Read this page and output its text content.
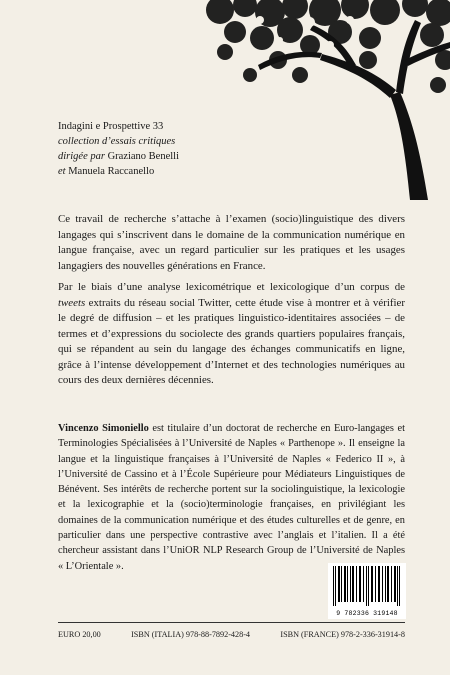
Indagini e Prospettive 33
collection d’essais critiques
dirigée par Graziano Benelli
et Manuela Raccanello

Ce travail de recherche s’attache à l’examen (socio)linguistique des divers langages qui s’inscrivent dans le domaine de la communication numérique en langue française, avec un regard particulier sur les pratiques et les usages langagiers des nouvelles générations en France.

Par le biais d’une analyse lexicométrique et lexicologique d’un corpus de tweets extraits du réseau social Twitter, cette étude vise à montrer et à vérifier le degré de diffusion – et les pratiques linguistico-identitaires associées – de termes et d’expressions du sociolecte des grands quartiers populaires français, qui se répandent au sein du langage des échanges communicatifs en ligne, grâce à l’intense développement d’Internet et des technologies numériques au cours des deux dernières décennies.

Vincenzo Simoniello est titulaire d’un doctorat de recherche en Euro-langages et Terminologies Spécialisées à l’Université de Naples « Parthenope ». Il enseigne la langue et la linguistique françaises à l’Université de Naples « Federico II », à l’Université de Cassino et à l’École Supérieure pour Médiateurs Linguistiques de Bénévent. Ses intérêts de recherche portent sur la sociolinguistique, la lexicologie et la lexicographie et la (socio)terminologie françaises, en privilégiant les domaines de la communication numérique et des études culturelles et de genre, en particulier dans une perspective contrastive avec l’anglais et l’italien. Il a été chercheur assistant dans l’UniOR NLP Research Group de l’Université de Naples « L’Orientale ».
9 782336 319148
EURO 20,00	ISBN (ITALIA) 978-88-7892-428-4	ISBN (FRANCE) 978-2-336-31914-8
